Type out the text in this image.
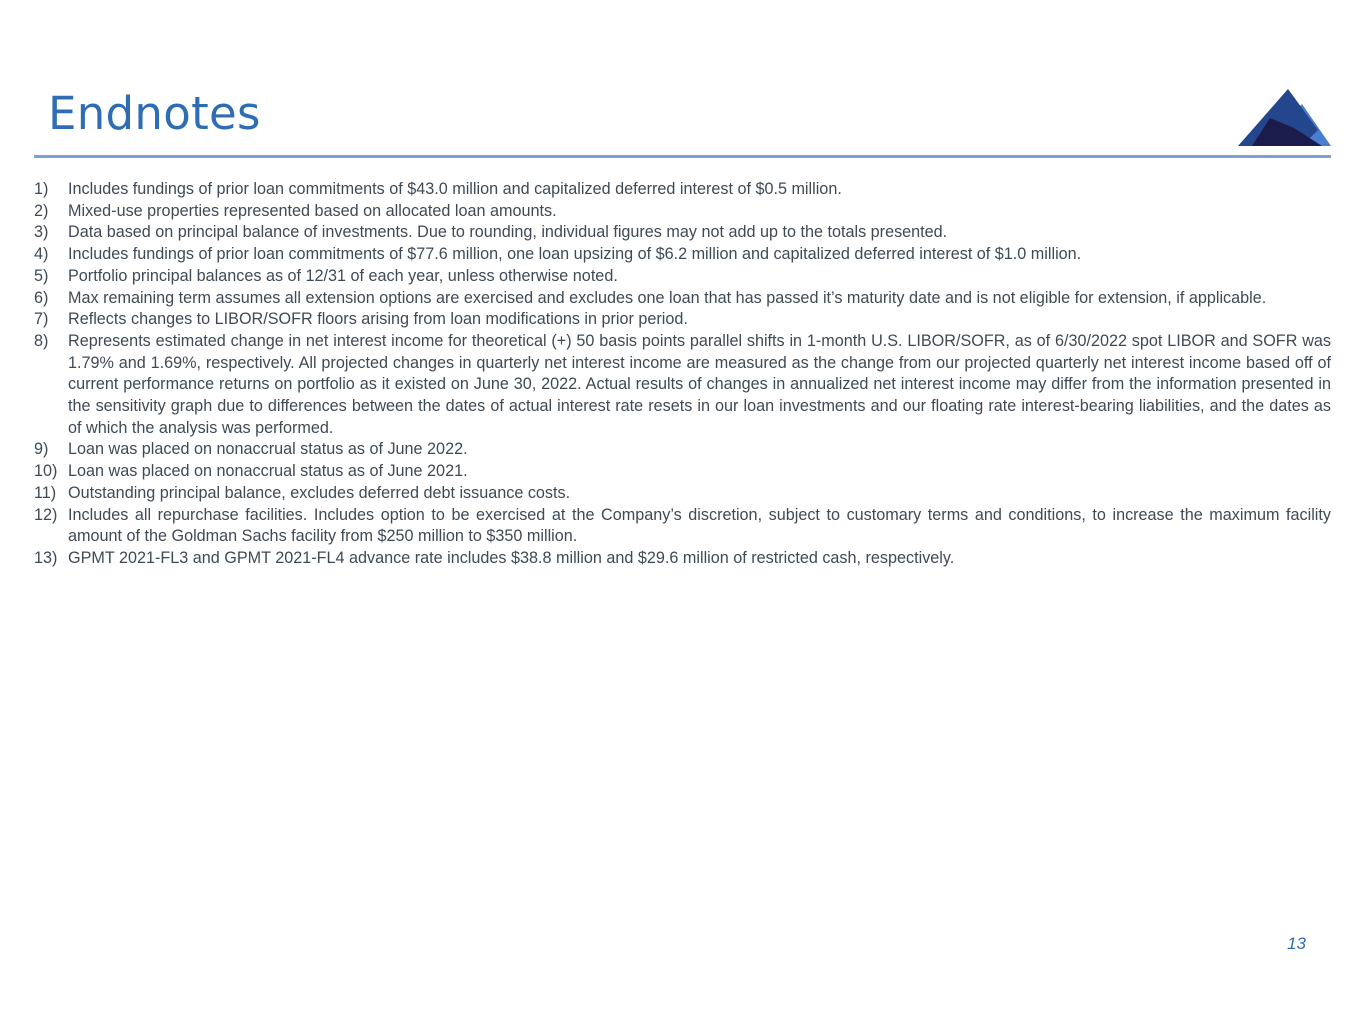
Endnotes
1) Includes fundings of prior loan commitments of $43.0 million and capitalized deferred interest of $0.5 million.
2) Mixed-use properties represented based on allocated loan amounts.
3) Data based on principal balance of investments. Due to rounding, individual figures may not add up to the totals presented.
4) Includes fundings of prior loan commitments of $77.6 million, one loan upsizing of $6.2 million and capitalized deferred interest of $1.0 million.
5) Portfolio principal balances as of 12/31 of each year, unless otherwise noted.
6) Max remaining term assumes all extension options are exercised and excludes one loan that has passed it’s maturity date and is not eligible for extension, if applicable.
7) Reflects changes to LIBOR/SOFR floors arising from loan modifications in prior period.
8) Represents estimated change in net interest income for theoretical (+) 50 basis points parallel shifts in 1-month U.S. LIBOR/SOFR, as of 6/30/2022 spot LIBOR and SOFR was 1.79% and 1.69%, respectively. All projected changes in quarterly net interest income are measured as the change from our projected quarterly net interest income based off of current performance returns on portfolio as it existed on June 30, 2022. Actual results of changes in annualized net interest income may differ from the information presented in the sensitivity graph due to differences between the dates of actual interest rate resets in our loan investments and our floating rate interest-bearing liabilities, and the dates as of which the analysis was performed.
9) Loan was placed on nonaccrual status as of June 2022.
10) Loan was placed on nonaccrual status as of June 2021.
11) Outstanding principal balance, excludes deferred debt issuance costs.
12) Includes all repurchase facilities. Includes option to be exercised at the Company’s discretion, subject to customary terms and conditions, to increase the maximum facility amount of the Goldman Sachs facility from $250 million to $350 million.
13) GPMT 2021-FL3 and GPMT 2021-FL4 advance rate includes $38.8 million and $29.6 million of restricted cash, respectively.
13
